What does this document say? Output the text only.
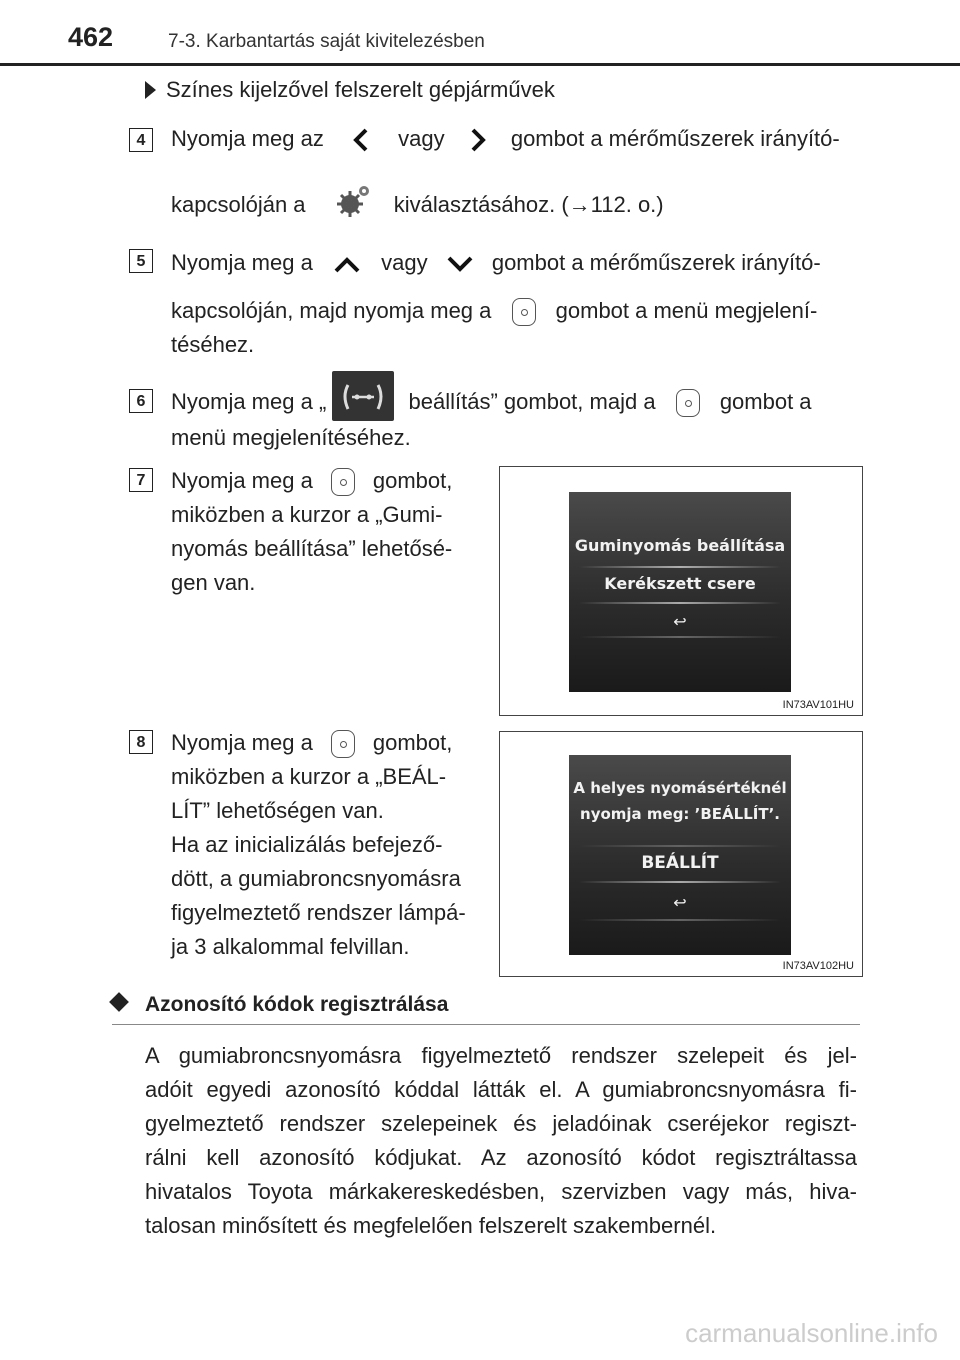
462	7-3. Karbantartás saját kivitelezésben
Színes kijelzővel felszerelt gépjárművek
4	Nyomja meg az	vagy	gombot a mérőműszerek irányító-
kapcsolóján a	kiválasztásához. (→112. o.)
5	Nyomja meg a	vagy	gombot a mérőműszerek irányító-
kapcsolóján, majd nyomja meg a	gombot a menü megjelení-
téséhez.
6	Nyomja meg a „	beállítás” gombot, majd a	gombot a
menü megjelenítéséhez.
7	Nyomja meg a	gombot,
miközben a kurzor a „Gumi-
nyomás beállítása” lehetősé-
gen van.
Guminyomás beállítása
Kerékszett csere
↩
IN73AV101HU
8	Nyomja meg a	gombot,
miközben a kurzor a „BEÁL-
LÍT” lehetőségen van.
Ha az inicializálás befejező-
dött, a gumiabroncsnyomásra
figyelmeztető rendszer lámpá-
ja 3 alkalommal felvillan.
A helyes nyomásértéknél
nyomja meg: ’BEÁLLÍT’.
BEÁLLÍT
↩
IN73AV102HU
Azonosító kódok regisztrálása
A gumiabroncsnyomásra figyelmeztető rendszer szelepeit és jel-
adóit egyedi azonosító kóddal látták el. A gumiabroncsnyomásra fi-
gyelmeztető rendszer szelepeinek és jeladóinak cseréjekor regiszt-
rálni kell azonosító kódjukat. Az azonosító kódot regisztráltassa
hivatalos Toyota márkakereskedésben, szervizben vagy más, hiva-
talosan minősített és megfelelően felszerelt szakembernél.
carmanualsonline.info
